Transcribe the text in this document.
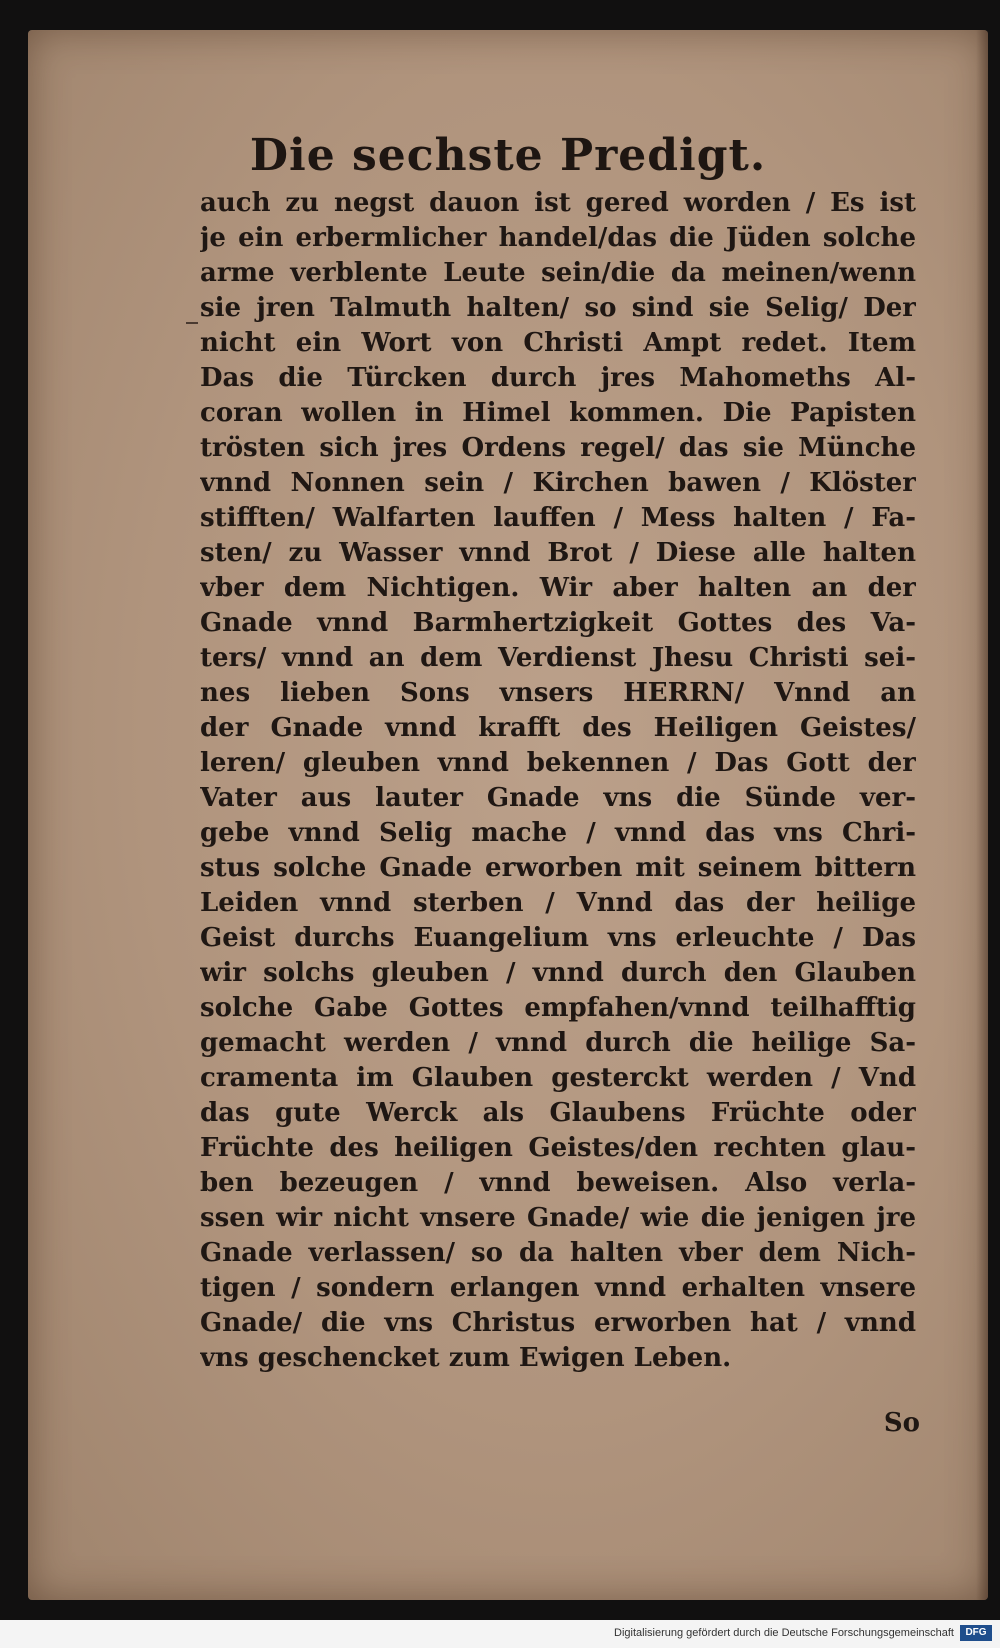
Die sechste Predigt.
auch zu negst dauon ist gered worden / Es ist
je ein erbermlicher handel/das die Jüden solche
arme verblente Leute sein/die da meinen/wenn
sie jren Talmuth halten/ so sind sie Selig/ Der
nicht ein Wort von Christi Ampt redet. Item
Das die Türcken durch jres Mahomeths Al-
coran wollen in Himel kommen. Die Papisten
trösten sich jres Ordens regel/ das sie Münche
vnnd Nonnen sein / Kirchen bawen / Klöster
stifften/ Walfarten lauffen / Mess halten / Fa-
sten/ zu Wasser vnnd Brot / Diese alle halten
vber dem Nichtigen. Wir aber halten an der
Gnade vnnd Barmhertzigkeit Gottes des Va-
ters/ vnnd an dem Verdienst Jhesu Christi sei-
nes lieben Sons vnsers HERRN/ Vnnd an
der Gnade vnnd krafft des Heiligen Geistes/
leren/ gleuben vnnd bekennen / Das Gott der
Vater aus lauter Gnade vns die Sünde ver-
gebe vnnd Selig mache / vnnd das vns Chri-
stus solche Gnade erworben mit seinem bittern
Leiden vnnd sterben / Vnnd das der heilige
Geist durchs Euangelium vns erleuchte / Das
wir solchs gleuben / vnnd durch den Glauben
solche Gabe Gottes empfahen/vnnd teilhafftig
gemacht werden / vnnd durch die heilige Sa-
cramenta im Glauben gesterckt werden / Vnd
das gute Werck als Glaubens Früchte oder
Früchte des heiligen Geistes/den rechten glau-
ben bezeugen / vnnd beweisen. Also verla-
ssen wir nicht vnsere Gnade/ wie die jenigen jre
Gnade verlassen/ so da halten vber dem Nich-
tigen / sondern erlangen vnnd erhalten vnsere
Gnade/ die vns Christus erworben hat / vnnd
vns geschencket zum Ewigen Leben.
So
Digitalisierung gefördert durch die Deutsche Forschungsgemeinschaft	DFG
